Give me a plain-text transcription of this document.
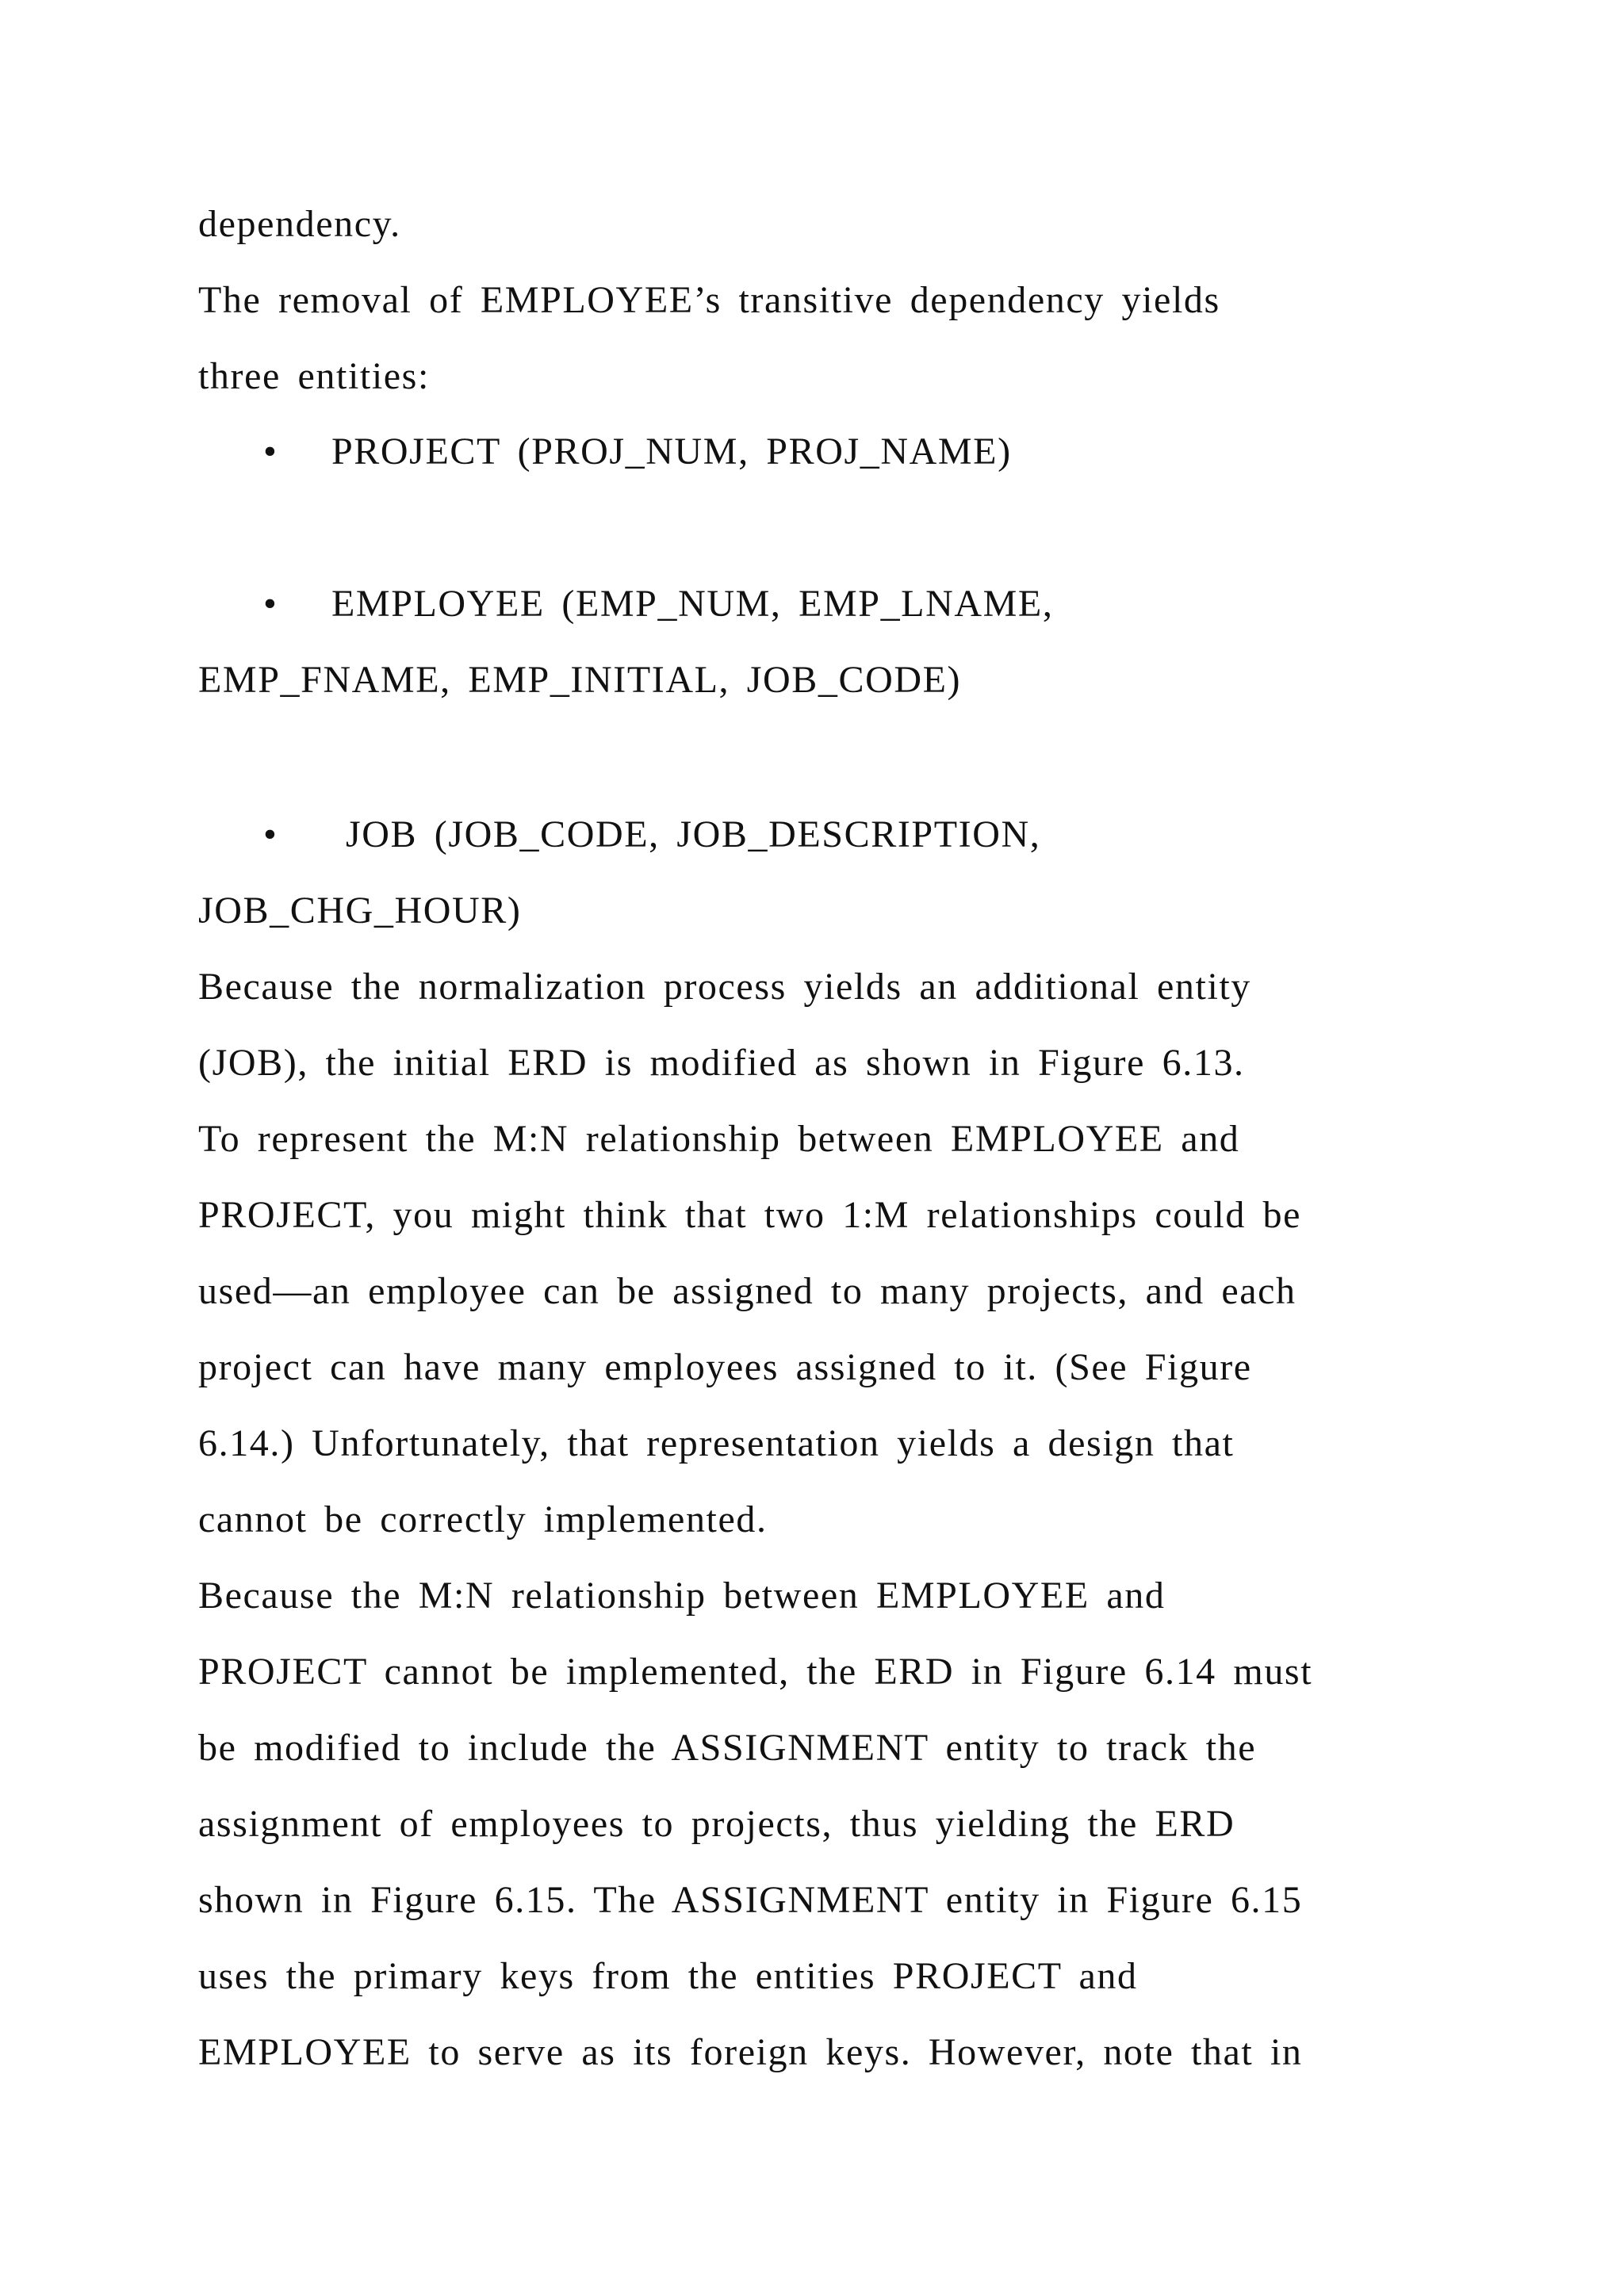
dependency.
The removal of EMPLOYEE’s transitive dependency yields
three entities:
• PROJECT (PROJ_NUM, PROJ_NAME)
• EMPLOYEE (EMP_NUM, EMP_LNAME,
EMP_FNAME, EMP_INITIAL, JOB_CODE)
• JOB (JOB_CODE, JOB_DESCRIPTION,
JOB_CHG_HOUR)
Because the normalization process yields an additional entity
(JOB), the initial ERD is modified as shown in Figure 6.13.
To represent the M:N relationship between EMPLOYEE and
PROJECT, you might think that two 1:M relationships could be
used—an employee can be assigned to many projects, and each
project can have many employees assigned to it. (See Figure
6.14.) Unfortunately, that representation yields a design that
cannot be correctly implemented.
Because the M:N relationship between EMPLOYEE and
PROJECT cannot be implemented, the ERD in Figure 6.14 must
be modified to include the ASSIGNMENT entity to track the
assignment of employees to projects, thus yielding the ERD
shown in Figure 6.15. The ASSIGNMENT entity in Figure 6.15
uses the primary keys from the entities PROJECT and
EMPLOYEE to serve as its foreign keys. However, note that in
